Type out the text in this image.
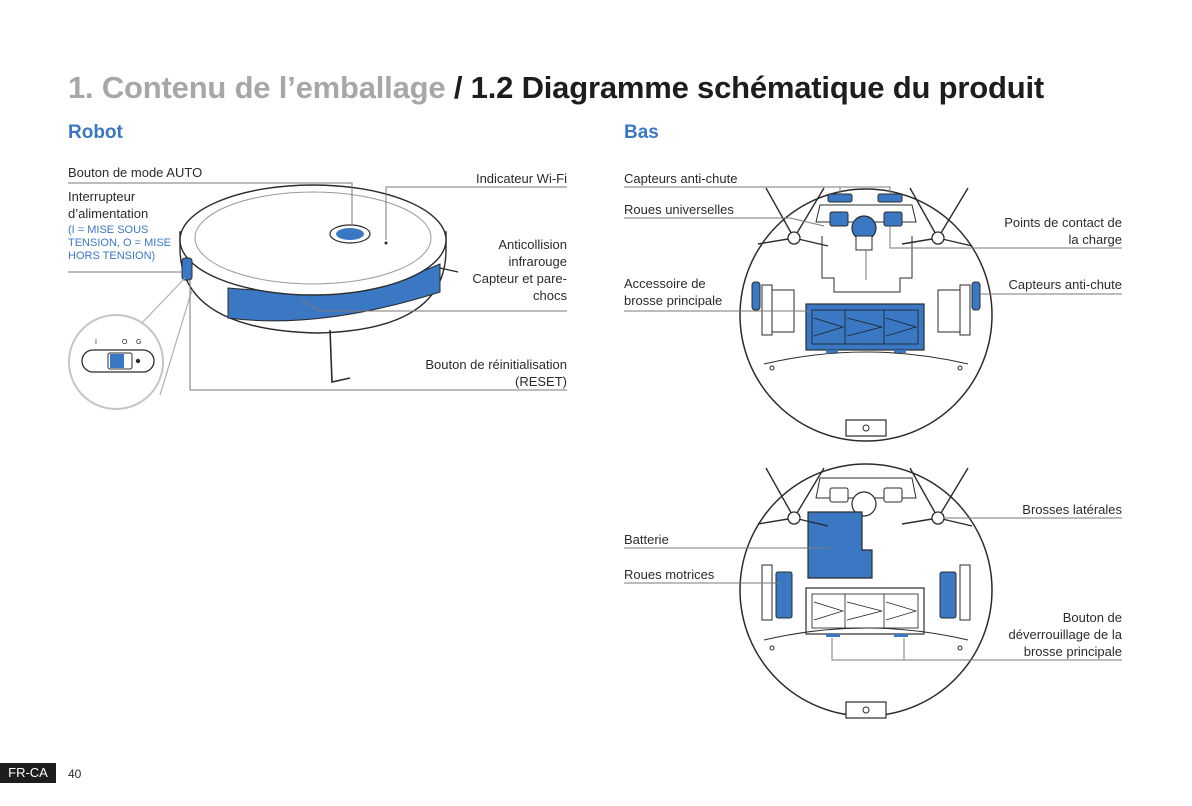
1. Contenu de l’emballage / 1.2 Diagramme schématique du produit
Robot	Bas
Bouton de mode AUTO
Interrupteur
d’alimentation
(I = MISE SOUS
TENSION, O = MISE
HORS TENSION)
Indicateur Wi-Fi
Anticollision
infrarouge
Capteur et pare-
chocs
Bouton de réinitialisation
(RESET)
I	O G
Capteurs anti-chute
Roues universelles
Points de contact de
la charge
Accessoire de
brosse principale
Capteurs anti-chute
Brosses latérales
Batterie
Roues motrices
Bouton de
déverrouillage de la
brosse principale
FR-CA	40
